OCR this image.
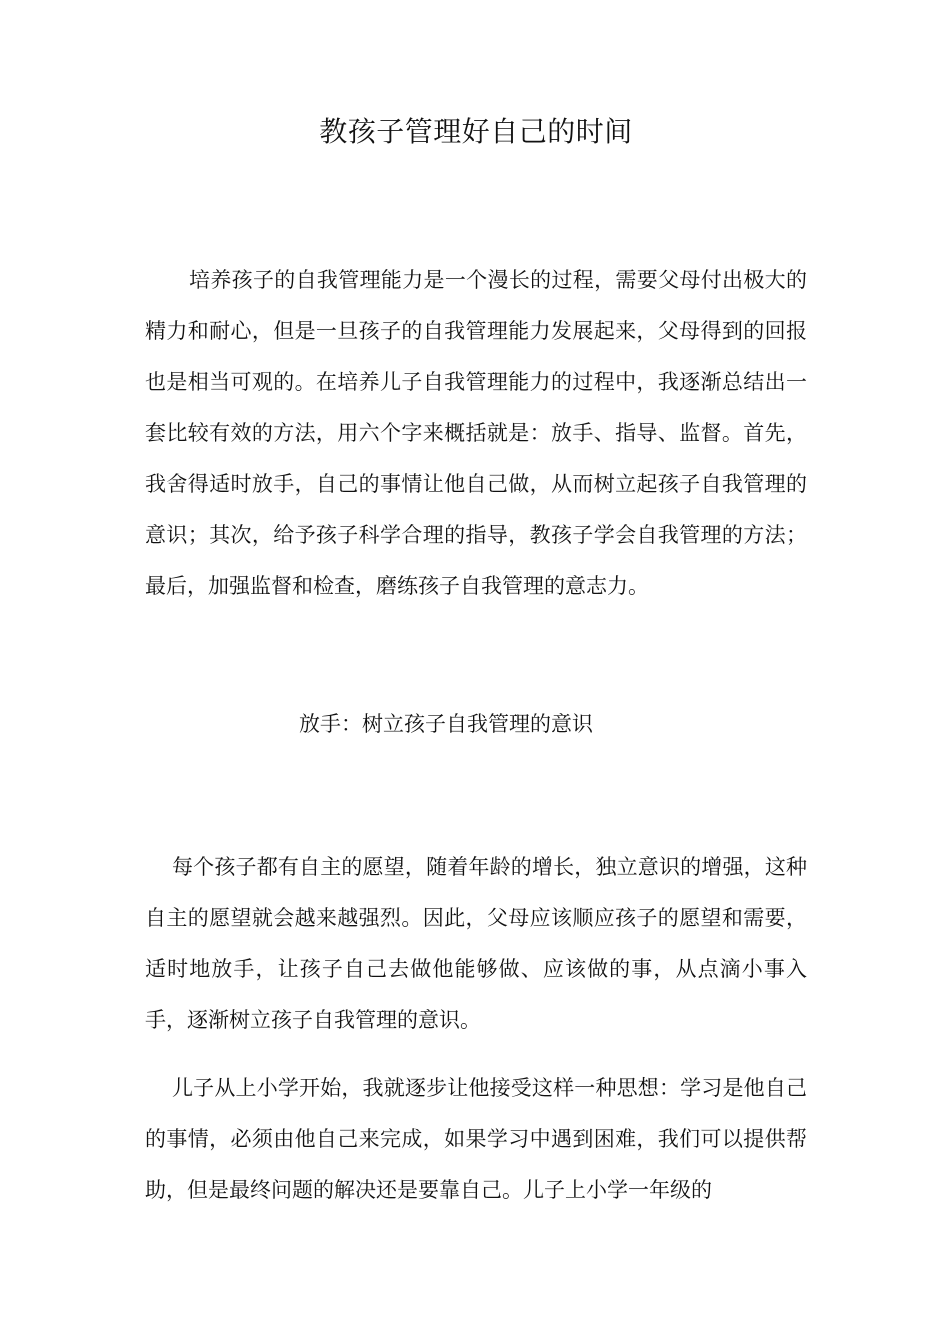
教孩子管理好自己的时间

培养孩子的自我管理能力是一个漫长的过程，需要父母付出极大的精力和耐心，但是一旦孩子的自我管理能力发展起来，父母得到的回报也是相当可观的。在培养儿子自我管理能力的过程中，我逐渐总结出一套比较有效的方法，用六个字来概括就是：放手、指导、监督。首先，我舍得适时放手，自己的事情让他自己做，从而树立起孩子自我管理的意识；其次，给予孩子科学合理的指导，教孩子学会自我管理的方法；最后，加强监督和检查，磨练孩子自我管理的意志力。

放手：树立孩子自我管理的意识

每个孩子都有自主的愿望，随着年龄的增长，独立意识的增强，这种自主的愿望就会越来越强烈。因此，父母应该顺应孩子的愿望和需要，适时地放手，让孩子自己去做他能够做、应该做的事，从点滴小事入手，逐渐树立孩子自我管理的意识。

儿子从上小学开始，我就逐步让他接受这样一种思想：学习是他自己的事情，必须由他自己来完成，如果学习中遇到困难，我们可以提供帮助，但是最终问题的解决还是要靠自己。儿子上小学一年级的
